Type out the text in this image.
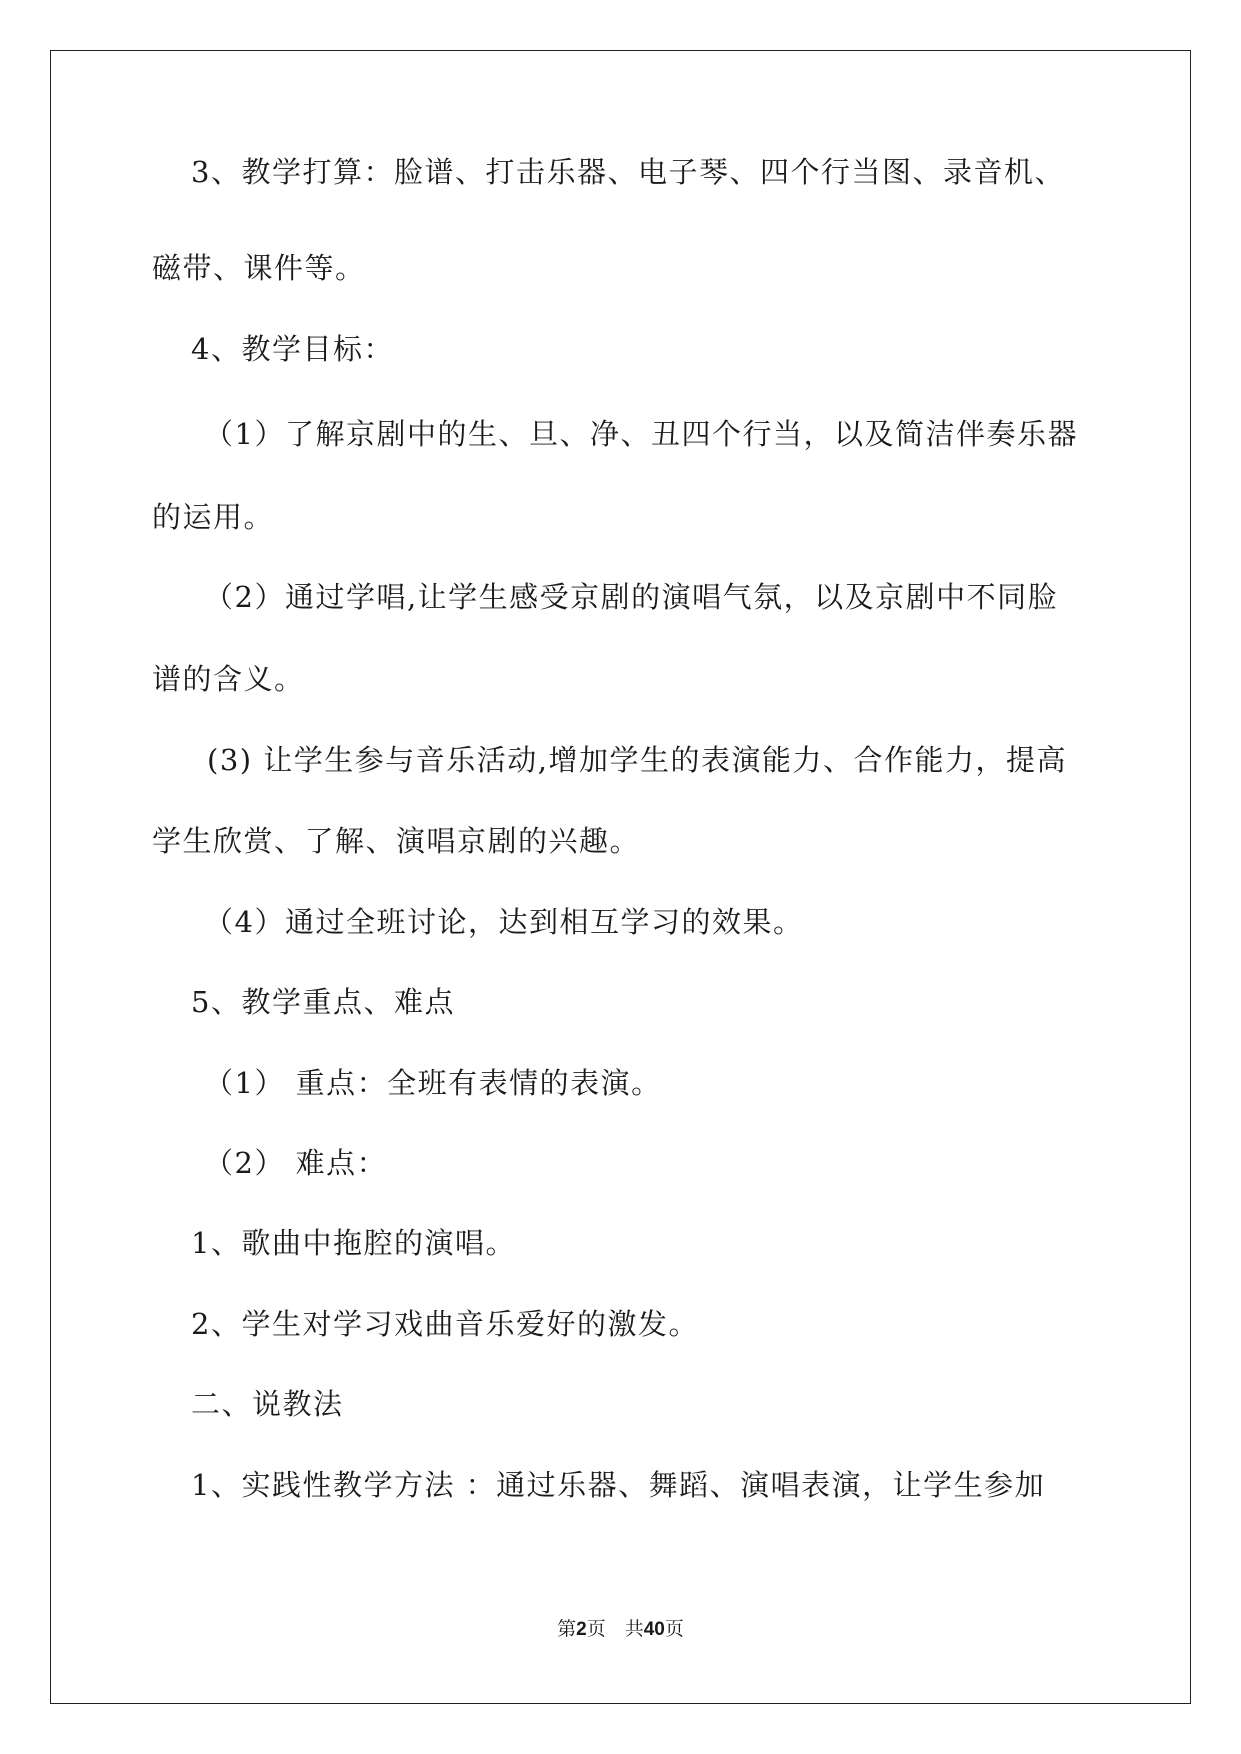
3、教学打算：脸谱、打击乐器、电子琴、四个行当图、录音机、
磁带、课件等。
4、教学目标：
（1）了解京剧中的生、旦、净、丑四个行当，以及简洁伴奏乐器
的运用。
（2）通过学唱,让学生感受京剧的演唱气氛，以及京剧中不同脸
谱的含义。
(3) 让学生参与音乐活动,增加学生的表演能力、合作能力，提高
学生欣赏、了解、演唱京剧的兴趣。
（4）通过全班讨论，达到相互学习的效果。
5、教学重点、难点
（1） 重点：全班有表情的表演。
（2） 难点：
1、歌曲中拖腔的演唱。
2、学生对学习戏曲音乐爱好的激发。
二、说教法
1、实践性教学方法 ：通过乐器、舞蹈、演唱表演，让学生参加
第2页　共40页
